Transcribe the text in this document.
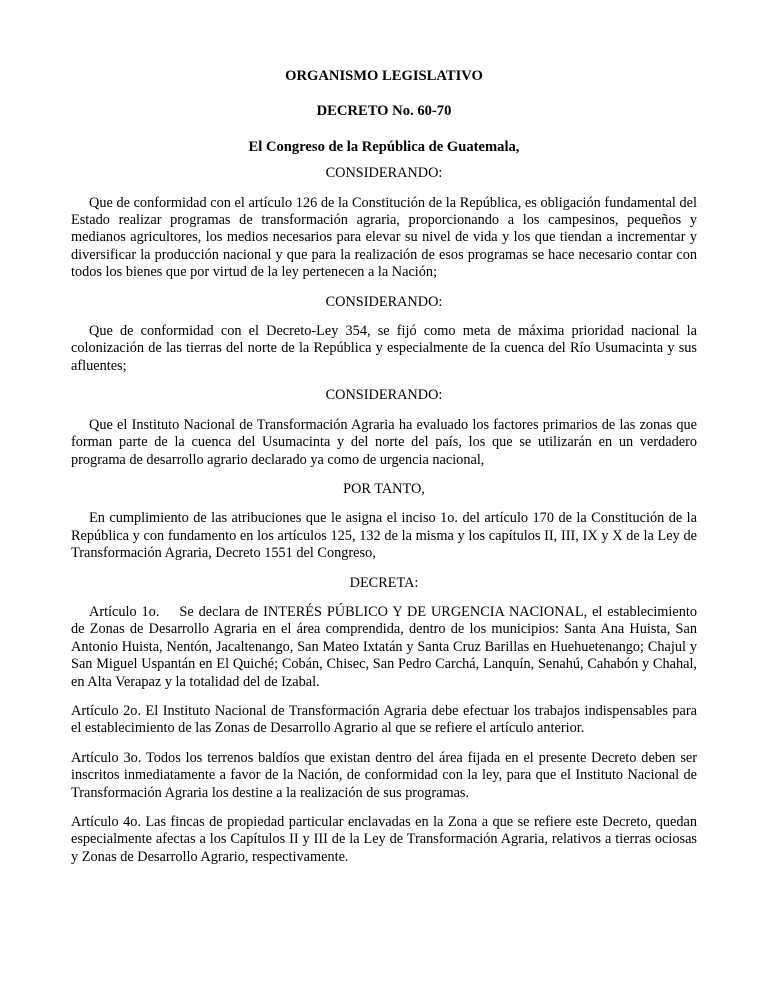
ORGANISMO LEGISLATIVO
DECRETO No. 60-70
El Congreso de la República de Guatemala,
CONSIDERANDO:
Que de conformidad con el artículo 126 de la Constitución de la República, es obligación fundamental del Estado realizar programas de transformación agraria, proporcionando a los campesinos, pequeños y medianos agricultores, los medios necesarios para elevar su nivel de vida y los que tiendan a incrementar y diversificar la producción nacional y que para la realización de esos programas se hace necesario contar con todos los bienes que por virtud de la ley pertenecen a la Nación;
CONSIDERANDO:
Que de conformidad con el Decreto-Ley 354, se fijó como meta de máxima prioridad nacional la colonización de las tierras del norte de la República y especialmente de la cuenca del Río Usumacinta y sus afluentes;
CONSIDERANDO:
Que el Instituto Nacional de Transformación Agraria ha evaluado los factores primarios de las zonas que forman parte de la cuenca del Usumacinta y del norte del país, los que se utilizarán en un verdadero programa de desarrollo agrario declarado ya como de urgencia nacional,
POR TANTO,
En cumplimiento de las atribuciones que le asigna el inciso 1o. del artículo 170 de la Constitución de la República y con fundamento en los artículos 125, 132 de la misma y los capítulos II, III, IX y X de la Ley de Transformación Agraria, Decreto 1551 del Congreso,
DECRETA:
Artículo 1o. Se declara de INTERÉS PÚBLICO Y DE URGENCIA NACIONAL, el establecimiento de Zonas de Desarrollo Agraria en el área comprendida, dentro de los municipios: Santa Ana Huista, San Antonio Huista, Nentón, Jacaltenango, San Mateo Ixtatán y Santa Cruz Barillas en Huehuetenango; Chajul y San Miguel Uspantán en El Quiché; Cobán, Chisec, San Pedro Carchá, Lanquín, Senahú, Cahabón y Chahal, en Alta Verapaz y la totalidad del de Izabal.
Artículo 2o. El Instituto Nacional de Transformación Agraria debe efectuar los trabajos indispensables para el establecimiento de las Zonas de Desarrollo Agrario al que se refiere el artículo anterior.
Artículo 3o. Todos los terrenos baldíos que existan dentro del área fijada en el presente Decreto deben ser inscritos inmediatamente a favor de la Nación, de conformidad con la ley, para que el Instituto Nacional de Transformación Agraria los destine a la realización de sus programas.
Artículo 4o. Las fincas de propiedad particular enclavadas en la Zona a que se refiere este Decreto, quedan especialmente afectas a los Capítulos II y III de la Ley de Transformación Agraria, relativos a tierras ociosas y Zonas de Desarrollo Agrario, respectivamente.
